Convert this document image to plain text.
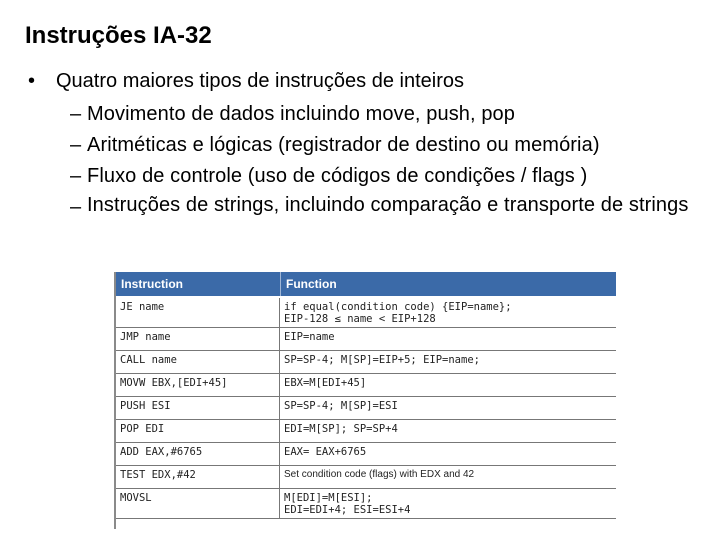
Instruções IA-32
• Quatro maiores tipos de instruções de inteiros
– Movimento de dados incluindo move, push, pop
– Aritméticas e lógicas (registrador de destino ou memória)
– Fluxo de controle (uso de códigos de condições / flags )
– Instruções de strings, incluindo comparação e transporte de strings
Instruction	Function
JE name	if equal(condition code) {EIP=name};
EIP-128 ≤ name < EIP+128
JMP name	EIP=name
CALL name	SP=SP-4; M[SP]=EIP+5; EIP=name;
MOVW EBX,[EDI+45]	EBX=M[EDI+45]
PUSH ESI	SP=SP-4; M[SP]=ESI
POP EDI	EDI=M[SP]; SP=SP+4
ADD EAX,#6765	EAX= EAX+6765
TEST EDX,#42	Set condition code (flags) with EDX and 42
MOVSL	M[EDI]=M[ESI];
EDI=EDI+4; ESI=ESI+4
